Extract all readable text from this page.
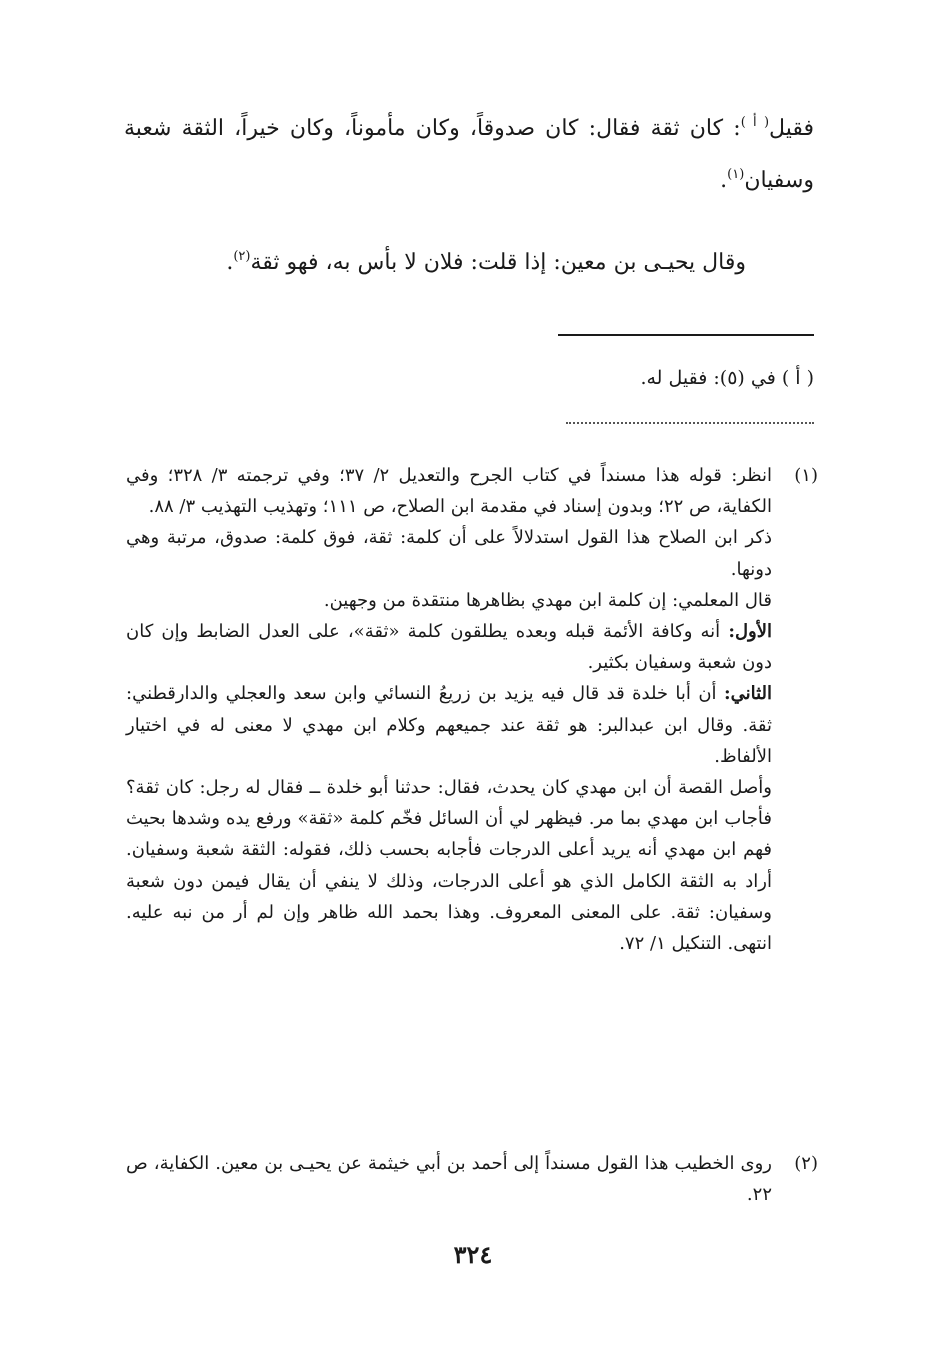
فقيل$^{( أ )}$: كان ثقة فقال: كان صدوقاً، وكان مأموناً، وكان خيراً، الثقة شعبة وسفيان$^{(١)}$.
وقال يحيـى بن معين: إذا قلت: فلان لا بأس به، فهو ثقة$^{(٢)}$.
( أ ) في (٥): فقيل له.
(١)

انظر: قوله هذا مسنداً في كتاب الجرح والتعديل ٢/ ٣٧؛ وفي ترجمته ٣/ ٣٢٨؛ وفي الكفاية، ص ٢٢؛ وبدون إسناد في مقدمة ابن الصلاح، ص ١١١؛ وتهذيب التهذيب ٣/ ٨٨.

ذكر ابن الصلاح هذا القول استدلالاً على أن كلمة: ثقة، فوق كلمة: صدوق، مرتبة وهي دونها.

قال المعلمي: إن كلمة ابن مهدي بظاهرها منتقدة من وجهين.

الأول: أنه وكافة الأئمة قبله وبعده يطلقون كلمة «ثقة»، على العدل الضابط وإن كان دون شعبة وسفيان بكثير.

الثاني: أن أبا خلدة قد قال فيه يزيد بن زريعُ النسائي وابن سعد والعجلي والدارقطني: ثقة. وقال ابن عبدالبر: هو ثقة عند جميعهم وكلام ابن مهدي لا معنى له في اختيار الألفاظ.

وأصل القصة أن ابن مهدي كان يحدث، فقال: حدثنا أبو خلدة ــ فقال له رجل: كان ثقة؟ فأجاب ابن مهدي بما مر. فيظهر لي أن السائل فخّم كلمة «ثقة» ورفع يده وشدها بحيث فهم ابن مهدي أنه يريد أعلى الدرجات فأجابه بحسب ذلك، فقوله: الثقة شعبة وسفيان. أراد به الثقة الكامل الذي هو أعلى الدرجات، وذلك لا ينفي أن يقال فيمن دون شعبة وسفيان: ثقة. على المعنى المعروف. وهذا بحمد الله ظاهر وإن لم أر من نبه عليه. انتهى. التنكيل ١/ ٧٢.

(٢)

روى الخطيب هذا القول مسنداً إلى أحمد بن أبي خيثمة عن يحيـى بن معين. الكفاية، ص ٢٢.

٣٢٤
